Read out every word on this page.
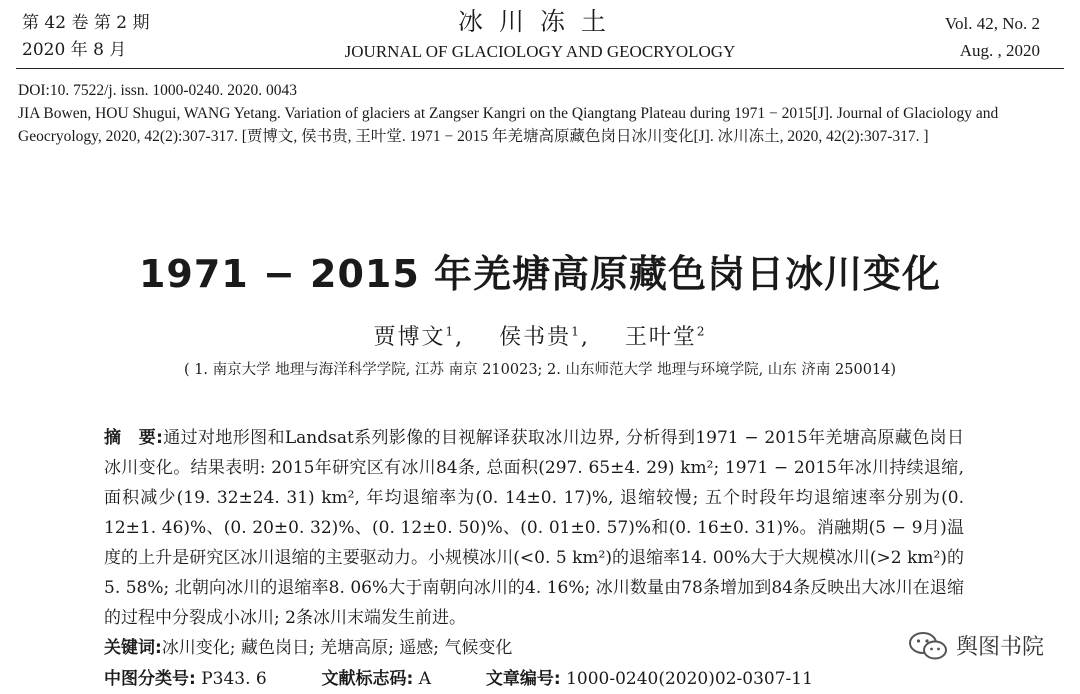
第 42 卷 第 2 期
2020 年 8 月
冰川冻土
JOURNAL OF GLACIOLOGY AND GEOCRYOLOGY
Vol. 42, No. 2
Aug. , 2020
DOI:10. 7522/j. issn. 1000-0240. 2020. 0043
JIA Bowen, HOU Shugui, WANG Yetang. Variation of glaciers at Zangser Kangri on the Qiangtang Plateau during 1971 − 2015[J]. Journal of Glaciology and Geocryology, 2020, 42(2):307-317. [贾博文, 侯书贵, 王叶堂. 1971 − 2015 年羌塘高原藏色岗日冰川变化[J]. 冰川冻土, 2020, 42(2):307-317. ]
1971 − 2015 年羌塘高原藏色岗日冰川变化
贾博文$^1$, 侯书贵$^1$, 王叶堂$^2$
( 1. 南京大学 地理与海洋科学学院, 江苏 南京 210023; 2. 山东师范大学 地理与环境学院, 山东 济南 250014)
摘　要:通过对地形图和Landsat系列影像的目视解译获取冰川边界, 分析得到1971 − 2015年羌塘高原藏色岗日冰川变化。结果表明: 2015年研究区有冰川84条, 总面积(297. 65±4. 29) km²; 1971 − 2015年冰川持续退缩, 面积减少(19. 32±24. 31) km², 年均退缩率为(0. 14±0. 17)%, 退缩较慢; 五个时段年均退缩速率分别为(0. 12±1. 46)%、(0. 20±0. 32)%、(0. 12±0. 50)%、(0. 01±0. 57)%和(0. 16±0. 31)%。消融期(5 − 9月)温度的上升是研究区冰川退缩的主要驱动力。小规模冰川(<0. 5 km²)的退缩率14. 00%大于大规模冰川(>2 km²)的5. 58%; 北朝向冰川的退缩率8. 06%大于南朝向冰川的4. 16%; 冰川数量由78条增加到84条反映出大冰川在退缩的过程中分裂成小冰川; 2条冰川末端发生前进。
关键词:冰川变化; 藏色岗日; 羌塘高原; 遥感; 气候变化
中图分类号: P343. 6	文献标志码: A	文章编号: 1000-0240(2020)02-0307-11
舆图书院
